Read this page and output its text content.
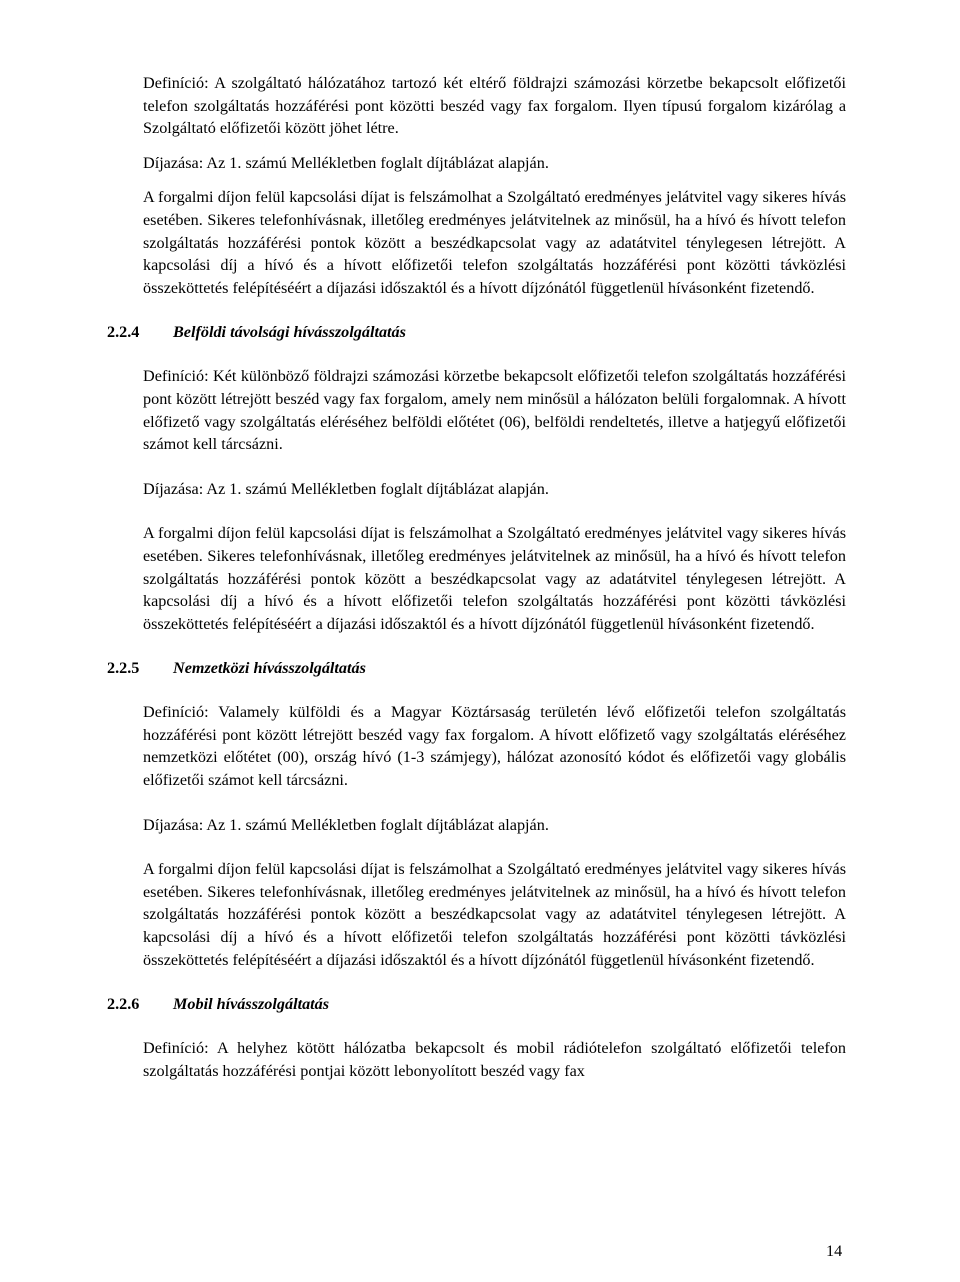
Definíció: A szolgáltató hálózatához tartozó két eltérő földrajzi számozási körzetbe bekapcsolt előfizetői telefon szolgáltatás hozzáférési pont közötti beszéd vagy fax forgalom. Ilyen típusú forgalom kizárólag a Szolgáltató előfizetői között jöhet létre.

Díjazása: Az 1. számú Mellékletben foglalt díjtáblázat alapján.

A forgalmi díjon felül kapcsolási díjat is felszámolhat a Szolgáltató eredményes jelátvitel vagy sikeres hívás esetében. Sikeres telefonhívásnak, illetőleg eredményes jelátvitelnek az minősül, ha a hívó és hívott telefon szolgáltatás hozzáférési pontok között a beszédkapcsolat vagy az adatátvitel ténylegesen létrejött. A kapcsolási díj a hívó és a hívott előfizetői telefon szolgáltatás hozzáférési pont közötti távközlési összeköttetés felépítéséért a díjazási időszaktól és a hívott díjzónától függetlenül hívásonként fizetendő.

2.2.4 Belföldi távolsági hívásszolgáltatás

Definíció: Két különböző földrajzi számozási körzetbe bekapcsolt előfizetői telefon szolgáltatás hozzáférési pont között létrejött beszéd vagy fax forgalom, amely nem minősül a hálózaton belüli forgalomnak. A hívott előfizető vagy szolgáltatás eléréséhez belföldi előtétet (06), belföldi rendeltetés, illetve a hatjegyű előfizetői számot kell tárcsázni.

Díjazása: Az 1. számú Mellékletben foglalt díjtáblázat alapján.

A forgalmi díjon felül kapcsolási díjat is felszámolhat a Szolgáltató eredményes jelátvitel vagy sikeres hívás esetében. Sikeres telefonhívásnak, illetőleg eredményes jelátvitelnek az minősül, ha a hívó és hívott telefon szolgáltatás hozzáférési pontok között a beszédkapcsolat vagy az adatátvitel ténylegesen létrejött. A kapcsolási díj a hívó és a hívott előfizetői telefon szolgáltatás hozzáférési pont közötti távközlési összeköttetés felépítéséért a díjazási időszaktól és a hívott díjzónától függetlenül hívásonként fizetendő.

2.2.5 Nemzetközi hívásszolgáltatás

Definíció: Valamely külföldi és a Magyar Köztársaság területén lévő előfizetői telefon szolgáltatás hozzáférési pont között létrejött beszéd vagy fax forgalom. A hívott előfizető vagy szolgáltatás eléréséhez nemzetközi előtétet (00), ország hívó (1-3 számjegy), hálózat azonosító kódot és előfizetői vagy globális előfizetői számot kell tárcsázni.

Díjazása: Az 1. számú Mellékletben foglalt díjtáblázat alapján.

A forgalmi díjon felül kapcsolási díjat is felszámolhat a Szolgáltató eredményes jelátvitel vagy sikeres hívás esetében. Sikeres telefonhívásnak, illetőleg eredményes jelátvitelnek az minősül, ha a hívó és hívott telefon szolgáltatás hozzáférési pontok között a beszédkapcsolat vagy az adatátvitel ténylegesen létrejött. A kapcsolási díj a hívó és a hívott előfizetői telefon szolgáltatás hozzáférési pont közötti távközlési összeköttetés felépítéséért a díjazási időszaktól és a hívott díjzónától függetlenül hívásonként fizetendő.

2.2.6 Mobil hívásszolgáltatás

Definíció: A helyhez kötött hálózatba bekapcsolt és mobil rádiótelefon szolgáltató előfizetői telefon szolgáltatás hozzáférési pontjai között lebonyolított beszéd vagy fax

14
